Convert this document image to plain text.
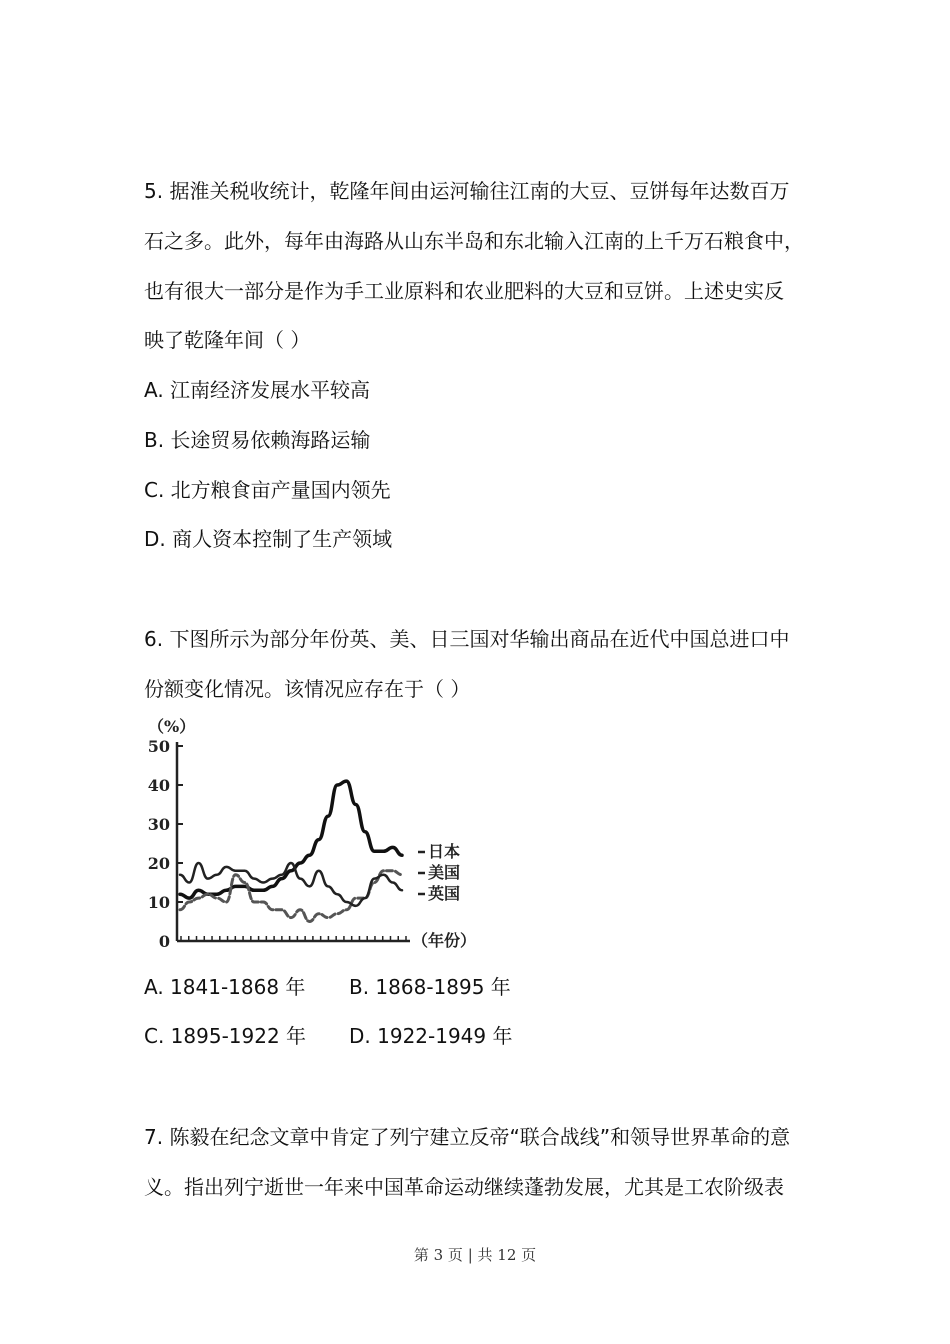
5. 据淮关税收统计，乾隆年间由运河输往江南的大豆、豆饼每年达数百万
石之多。此外，每年由海路从山东半岛和东北输入江南的上千万石粮食中，
也有很大一部分是作为手工业原料和农业肥料的大豆和豆饼。上述史实反
映了乾隆年间（ ）
A. 江南经济发展水平较高
B. 长途贸易依赖海路运输
C. 北方粮食亩产量国内领先
D. 商人资本控制了生产领域
6. 下图所示为部分年份英、美、日三国对华输出商品在近代中国总进口中
份额变化情况。该情况应存在于（ ）
（%）
0
10
20
30
40
50
日本
美国
英国
（年份）
A. 1841-1868 年 B. 1868-1895 年
C. 1895-1922 年 D. 1922-1949 年
7. 陈毅在纪念文章中肯定了列宁建立反帝“联合战线”和领导世界革命的意
义。指出列宁逝世一年来中国革命运动继续蓬勃发展，尤其是工农阶级表
第 3 页 | 共 12 页
